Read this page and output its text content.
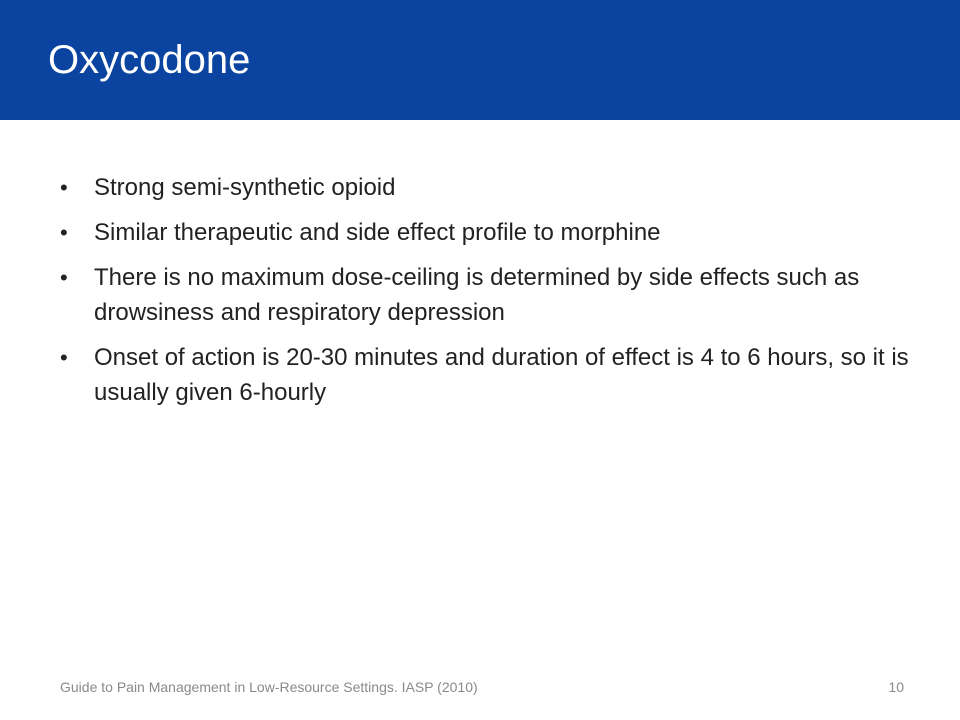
Oxycodone
• Strong semi-synthetic opioid
• Similar therapeutic and side effect profile to morphine
• There is no maximum dose-ceiling is determined by side effects such as drowsiness and respiratory depression
• Onset of action is 20-30 minutes and duration of effect is 4 to 6 hours, so it is usually given 6-hourly
Guide to Pain Management in Low-Resource Settings. IASP (2010)	10
